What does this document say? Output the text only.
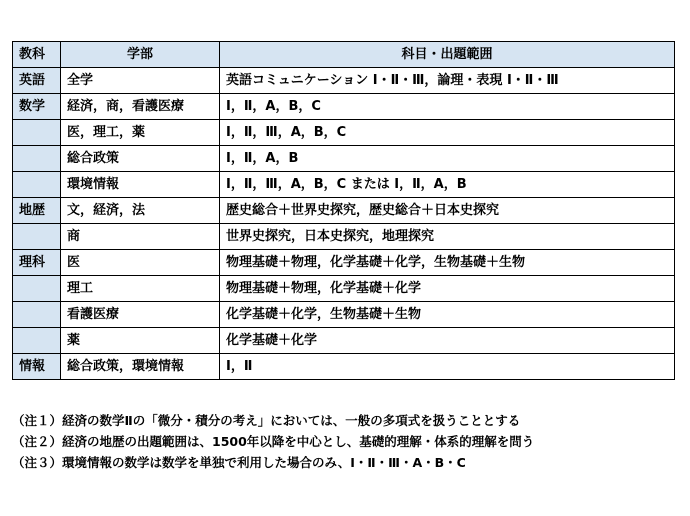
教科	学部	科目・出題範囲
英語	全学	英語コミュニケーション Ⅰ・Ⅱ・Ⅲ，論理・表現 Ⅰ・Ⅱ・Ⅲ
数学	経済，商，看護医療	Ⅰ，Ⅱ，A，B，C
	医，理工，薬	Ⅰ，Ⅱ，Ⅲ，A，B，C
	総合政策	Ⅰ，Ⅱ，A，B
	環境情報	Ⅰ，Ⅱ，Ⅲ，A，B，C または Ⅰ，Ⅱ，A，B
地歴	文，経済，法	歴史総合＋世界史探究，歴史総合＋日本史探究
	商	世界史探究，日本史探究，地理探究
理科	医	物理基礎＋物理，化学基礎＋化学，生物基礎＋生物
	理工	物理基礎＋物理，化学基礎＋化学
	看護医療	化学基礎＋化学，生物基礎＋生物
	薬	化学基礎＋化学
情報	総合政策，環境情報	Ⅰ，Ⅱ
（注１）経済の数学Ⅱの「微分・積分の考え」においては、一般の多項式を扱うこととする
（注２）経済の地歴の出題範囲は、1500年以降を中心とし、基礎的理解・体系的理解を問う
（注３）環境情報の数学は数学を単独で利用した場合のみ、Ⅰ・Ⅱ・Ⅲ・A・B・C
